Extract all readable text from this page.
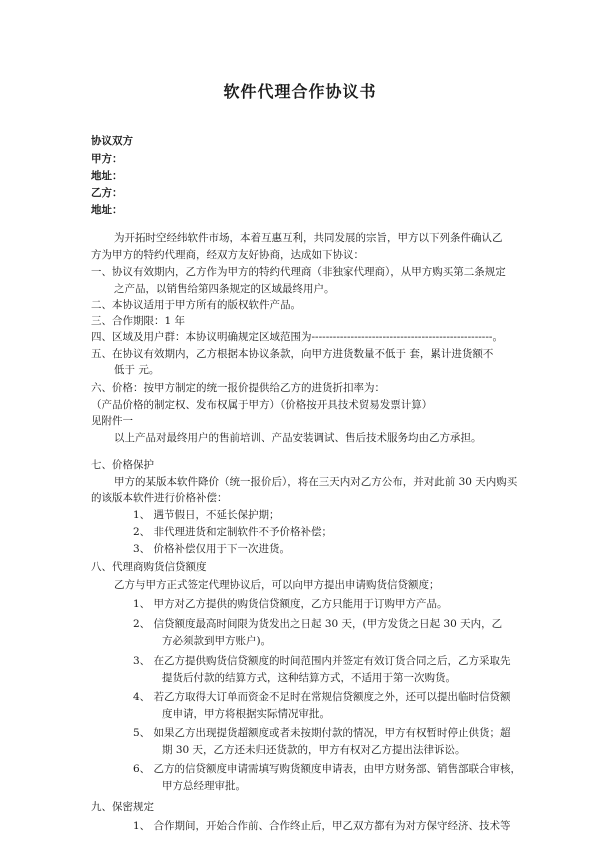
软件代理合作协议书
协议双方
甲方：
地址：
乙方：
地址：
为开拓时空经纬软件市场，本着互惠互利，共同发展的宗旨，甲方以下列条件确认乙
方为甲方的特约代理商，经双方友好协商，达成如下协议：
一、协议有效期内，乙方作为甲方的特约代理商（非独家代理商），从甲方购买第二条规定
之产品，以销售给第四条规定的区域最终用户。
二、本协议适用于甲方所有的版权软件产品。
三、合作期限：1 年
四、区域及用户群：本协议明确规定区域范围为---------------------------------------------------。
五、在协议有效期内，乙方根据本协议条款，向甲方进货数量不低于 套，累计进货额不
低于 元。
六、价格：按甲方制定的统一报价提供给乙方的进货折扣率为：
（产品价格的制定权、发布权属于甲方）（价格按开具技术贸易发票计算）
见附件一
以上产品对最终用户的售前培训、产品安装调试、售后技术服务均由乙方承担。
七、价格保护
甲方的某版本软件降价（统一报价后），将在三天内对乙方公布，并对此前 30 天内购买
的该版本软件进行价格补偿：
1、 遇节假日，不延长保护期；
2、 非代理进货和定制软件不予价格补偿；
3、 价格补偿仅用于下一次进货。
八、代理商购货信贷额度
乙方与甲方正式签定代理协议后，可以向甲方提出申请购货信贷额度；
1、 甲方对乙方提供的购货信贷额度，乙方只能用于订购甲方产品。
2、 信贷额度最高时间限为货发出之日起 30 天，(甲方发货之日起 30 天内，乙
方必须款到甲方账户)。
3、 在乙方提供购货信贷额度的时间范围内并签定有效订货合同之后，乙方采取先
提货后付款的结算方式，这种结算方式，不适用于第一次购货。
4、 若乙方取得大订单而资金不足时在常规信贷额度之外，还可以提出临时信贷额
度申请，甲方将根据实际情况审批。
5、 如果乙方出现提货超额度或者未按期付款的情况，甲方有权暂时停止供货；超
期 30 天，乙方还未归还货款的，甲方有权对乙方提出法律诉讼。
6、 乙方的信贷额度申请需填写购货额度申请表，由甲方财务部、销售部联合审核，
甲方总经理审批。
九、保密规定
1、 合作期间，开始合作前、合作终止后，甲乙双方都有为对方保守经济、技术等
